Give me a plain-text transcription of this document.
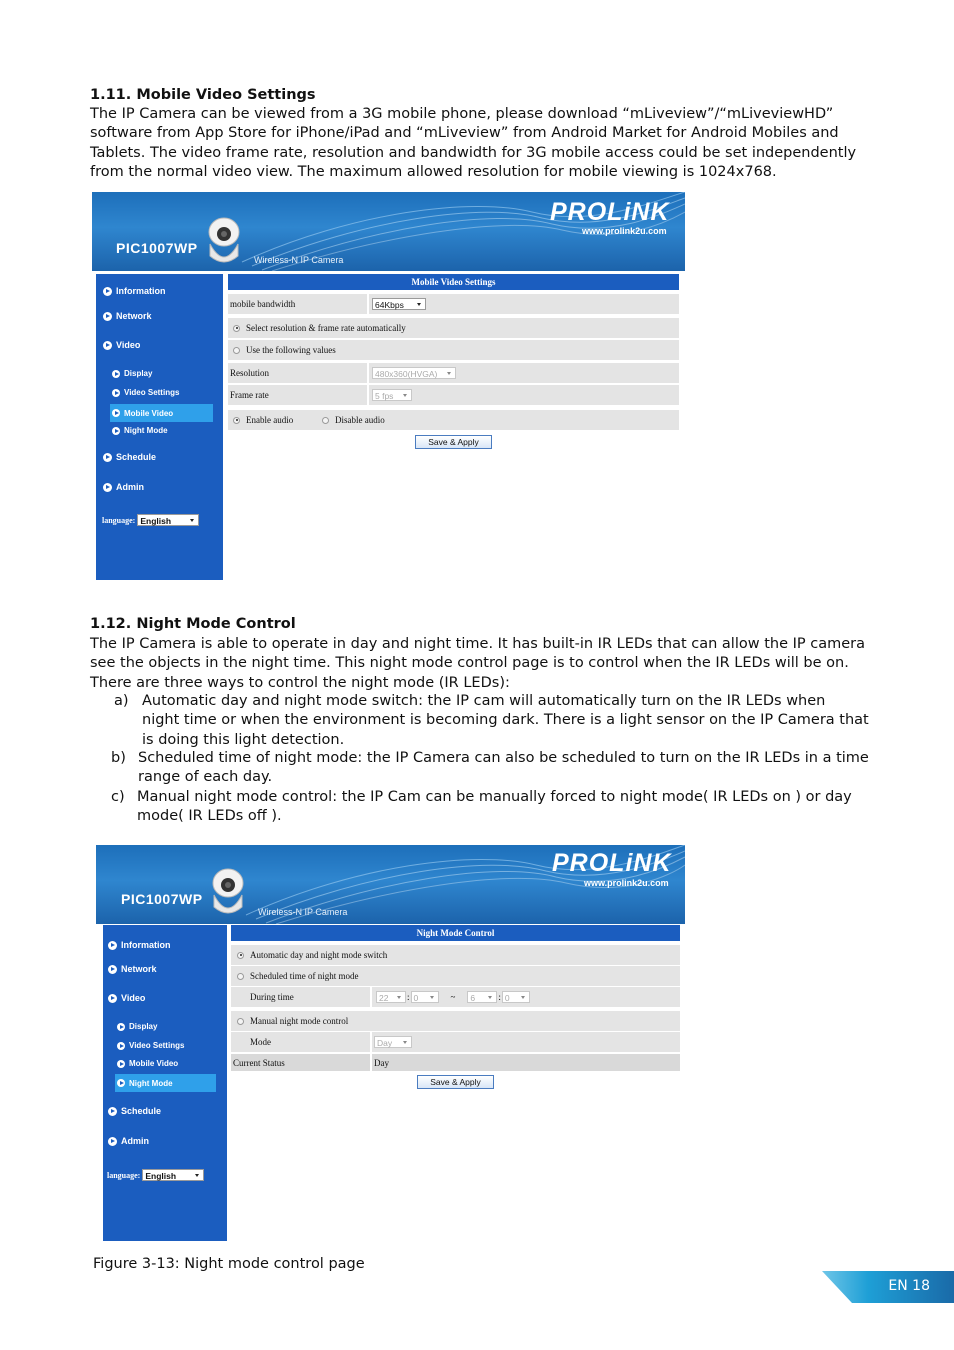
1.11. Mobile Video Settings
The IP Camera can be viewed from a 3G mobile phone, please download “mLiveview”/“mLiveviewHD”
software from App Store for iPhone/iPad and “mLiveview” from Android Market for Android Mobiles and
Tablets. The video frame rate, resolution and bandwidth for 3G mobile access could be set independently
from the normal video view. The maximum allowed resolution for mobile viewing is 1024x768.
PROLiNK
www.prolink2u.com
PIC1007WP
Wireless-N IP Camera
Information
Network
Video
Display
Video Settings
Mobile Video
Night Mode
Schedule
Admin
language: English
Mobile Video Settings
mobile bandwidth	64Kbps
Select resolution & frame rate automatically
Use the following values
Resolution	480x360(HVGA)
Frame rate	5 fps
Enable audio	Disable audio
Save & Apply
1.12. Night Mode Control
The IP Camera is able to operate in day and night time. It has built-in IR LEDs that can allow the IP camera
see the objects in the night time. This night mode control page is to control when the IR LEDs will be on.
There are three ways to control the night mode (IR LEDs):
a) Automatic day and night mode switch: the IP cam will automatically turn on the IR LEDs when
night time or when the environment is becoming dark. There is a light sensor on the IP Camera that
is doing this light detection.
b) Scheduled time of night mode: the IP Camera can also be scheduled to turn on the IR LEDs in a time
range of each day.
c) Manual night mode control: the IP Cam can be manually forced to night mode( IR LEDs on ) or day
mode( IR LEDs off ).
PROLiNK
www.prolink2u.com
PIC1007WP
Wireless-N IP Camera
Information
Network
Video
Display
Video Settings
Mobile Video
Night Mode
Schedule
Admin
language: English
Night Mode Control
Automatic day and night mode switch
Scheduled time of night mode
During time	22	: 0	~	6	: 0
Manual night mode control
Mode	Day
Current Status	Day
Save & Apply
Figure 3-13: Night mode control page
EN 18
